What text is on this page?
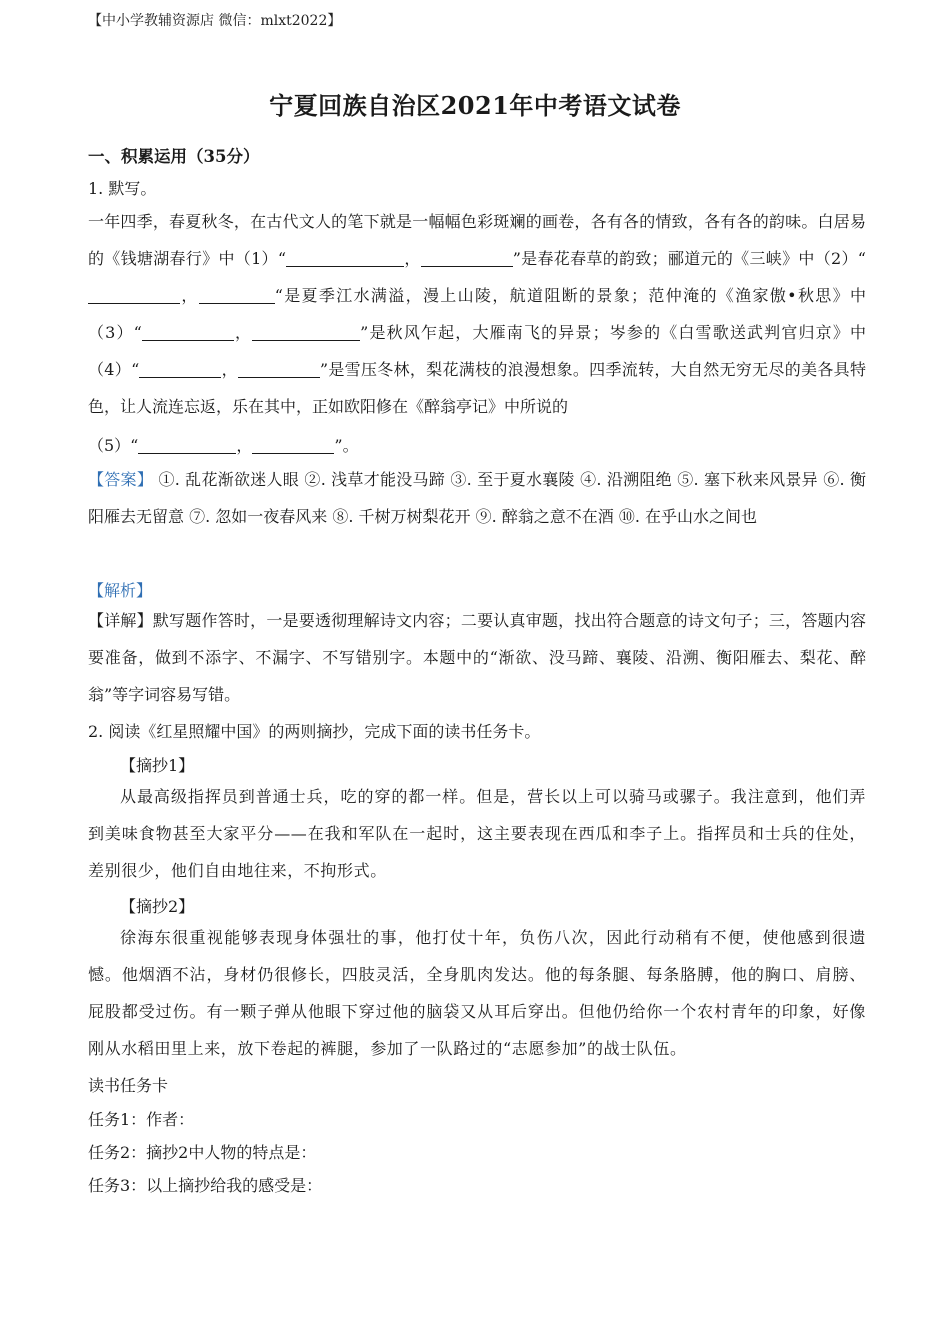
【中小学教辅资源店 微信：mlxt2022】
宁夏回族自治区2021年中考语文试卷
一、积累运用（35分）
1. 默写。
一年四季，春夏秋冬，在古代文人的笔下就是一幅幅色彩斑斓的画卷，各有各的情致，各有各的韵味。白居易的《钱塘湖春行》中（1）“	，	”是春花春草的韵致；郦道元的《三峡》中（2）“，	“是夏季江水满溢，漫上山陵，航道阻断的景象；范仲淹的《渔家傲•秋思》中（3）“	，	”是秋风乍起，大雁南飞的异景；岑参的《白雪歌送武判官归京》中（4）“	，	”是雪压冬林，梨花满枝的浪漫想象。四季流转，大自然无穷无尽的美各具特色，让人流连忘返，乐在其中，正如欧阳修在《醉翁亭记》中所说的
（5）“	，	”。
【答案】 ①. 乱花渐欲迷人眼 ②. 浅草才能没马蹄 ③. 至于夏水襄陵 ④. 沿溯阻绝 ⑤. 塞下秋来风景异 ⑥. 衡阳雁去无留意 ⑦. 忽如一夜春风来 ⑧. 千树万树梨花开 ⑨. 醉翁之意不在酒 ⑩. 在乎山水之间也
【解析】
【详解】默写题作答时，一是要透彻理解诗文内容；二要认真审题，找出符合题意的诗文句子；三，答题内容要准备，做到不添字、不漏字、不写错别字。本题中的“渐欲、没马蹄、襄陵、沿溯、衡阳雁去、梨花、醉翁”等字词容易写错。
2. 阅读《红星照耀中国》的两则摘抄，完成下面的读书任务卡。
【摘抄1】
从最高级指挥员到普通士兵，吃的穿的都一样。但是，营长以上可以骑马或骡子。我注意到，他们弄到美味食物甚至大家平分——在我和军队在一起时，这主要表现在西瓜和李子上。指挥员和士兵的住处，差别很少，他们自由地往来，不拘形式。
【摘抄2】
徐海东很重视能够表现身体强壮的事，他打仗十年，负伤八次，因此行动稍有不便，使他感到很遗憾。他烟酒不沾，身材仍很修长，四肢灵活，全身肌肉发达。他的每条腿、每条胳膊，他的胸口、肩膀、屁股都受过伤。有一颗子弹从他眼下穿过他的脑袋又从耳后穿出。但他仍给你一个农村青年的印象，好像刚从水稻田里上来，放下卷起的裤腿，参加了一队路过的“志愿参加”的战士队伍。
读书任务卡
任务1：作者：
任务2：摘抄2中人物的特点是：
任务3：以上摘抄给我的感受是：
